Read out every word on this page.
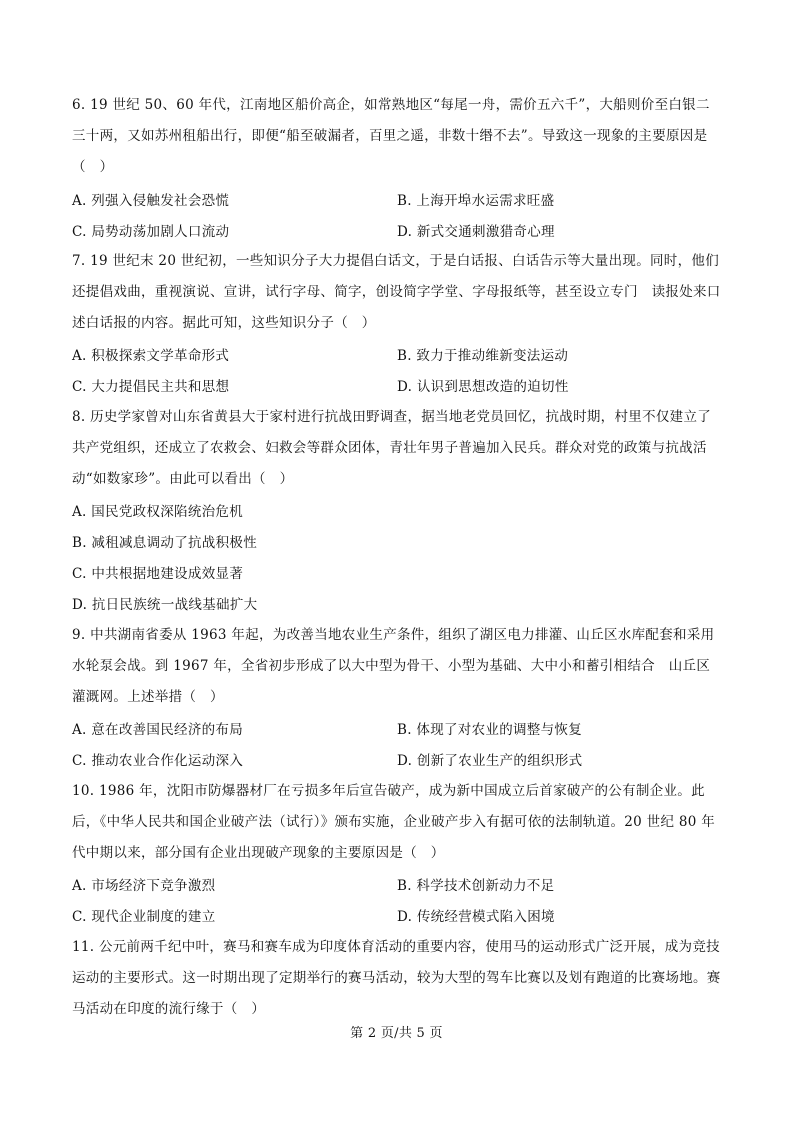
6. 19 世纪 50、60 年代，江南地区船价高企，如常熟地区“每尾一舟，需价五六千”，大船则价至白银二三十两，又如苏州租船出行，即便“船至破漏者，百里之遥，非数十缗不去”。导致这一现象的主要原因是（　）
A. 列强入侵触发社会恐慌	B. 上海开埠水运需求旺盛
C. 局势动荡加剧人口流动	D. 新式交通刺激猎奇心理
7. 19 世纪末 20 世纪初，一些知识分子大力提倡白话文，于是白话报、白话告示等大量出现。同时，他们还提倡戏曲，重视演说、宣讲，试行字母、简字，创设简字学堂、字母报纸等，甚至设立专门　读报处来口述白话报的内容。据此可知，这些知识分子（　）
A. 积极探索文学革命形式	B. 致力于推动维新变法运动
C. 大力提倡民主共和思想	D. 认识到思想改造的迫切性
8. 历史学家曾对山东省黄县大于家村进行抗战田野调查，据当地老党员回忆，抗战时期，村里不仅建立了共产党组织，还成立了农救会、妇救会等群众团体，青壮年男子普遍加入民兵。群众对党的政策与抗战活动“如数家珍”。由此可以看出（　）
A. 国民党政权深陷统治危机
B. 减租减息调动了抗战积极性
C. 中共根据地建设成效显著
D. 抗日民族统一战线基础扩大
9. 中共湖南省委从 1963 年起，为改善当地农业生产条件，组织了湖区电力排灌、山丘区水库配套和采用水轮泵会战。到 1967 年，全省初步形成了以大中型为骨干、小型为基础、大中小和蓄引相结合　山丘区灌溉网。上述举措（　）
A. 意在改善国民经济的布局	B. 体现了对农业的调整与恢复
C. 推动农业合作化运动深入	D. 创新了农业生产的组织形式
10. 1986 年，沈阳市防爆器材厂在亏损多年后宣告破产，成为新中国成立后首家破产的公有制企业。此后，《中华人民共和国企业破产法（试行）》颁布实施，企业破产步入有据可依的法制轨道。20 世纪 80 年代中期以来，部分国有企业出现破产现象的主要原因是（　）
A. 市场经济下竞争激烈	B. 科学技术创新动力不足
C. 现代企业制度的建立	D. 传统经营模式陷入困境
11. 公元前两千纪中叶，赛马和赛车成为印度体育活动的重要内容，使用马的运动形式广泛开展，成为竞技运动的主要形式。这一时期出现了定期举行的赛马活动，较为大型的驾车比赛以及划有跑道的比赛场地。赛马活动在印度的流行缘于（　）
第 2 页/共 5 页
